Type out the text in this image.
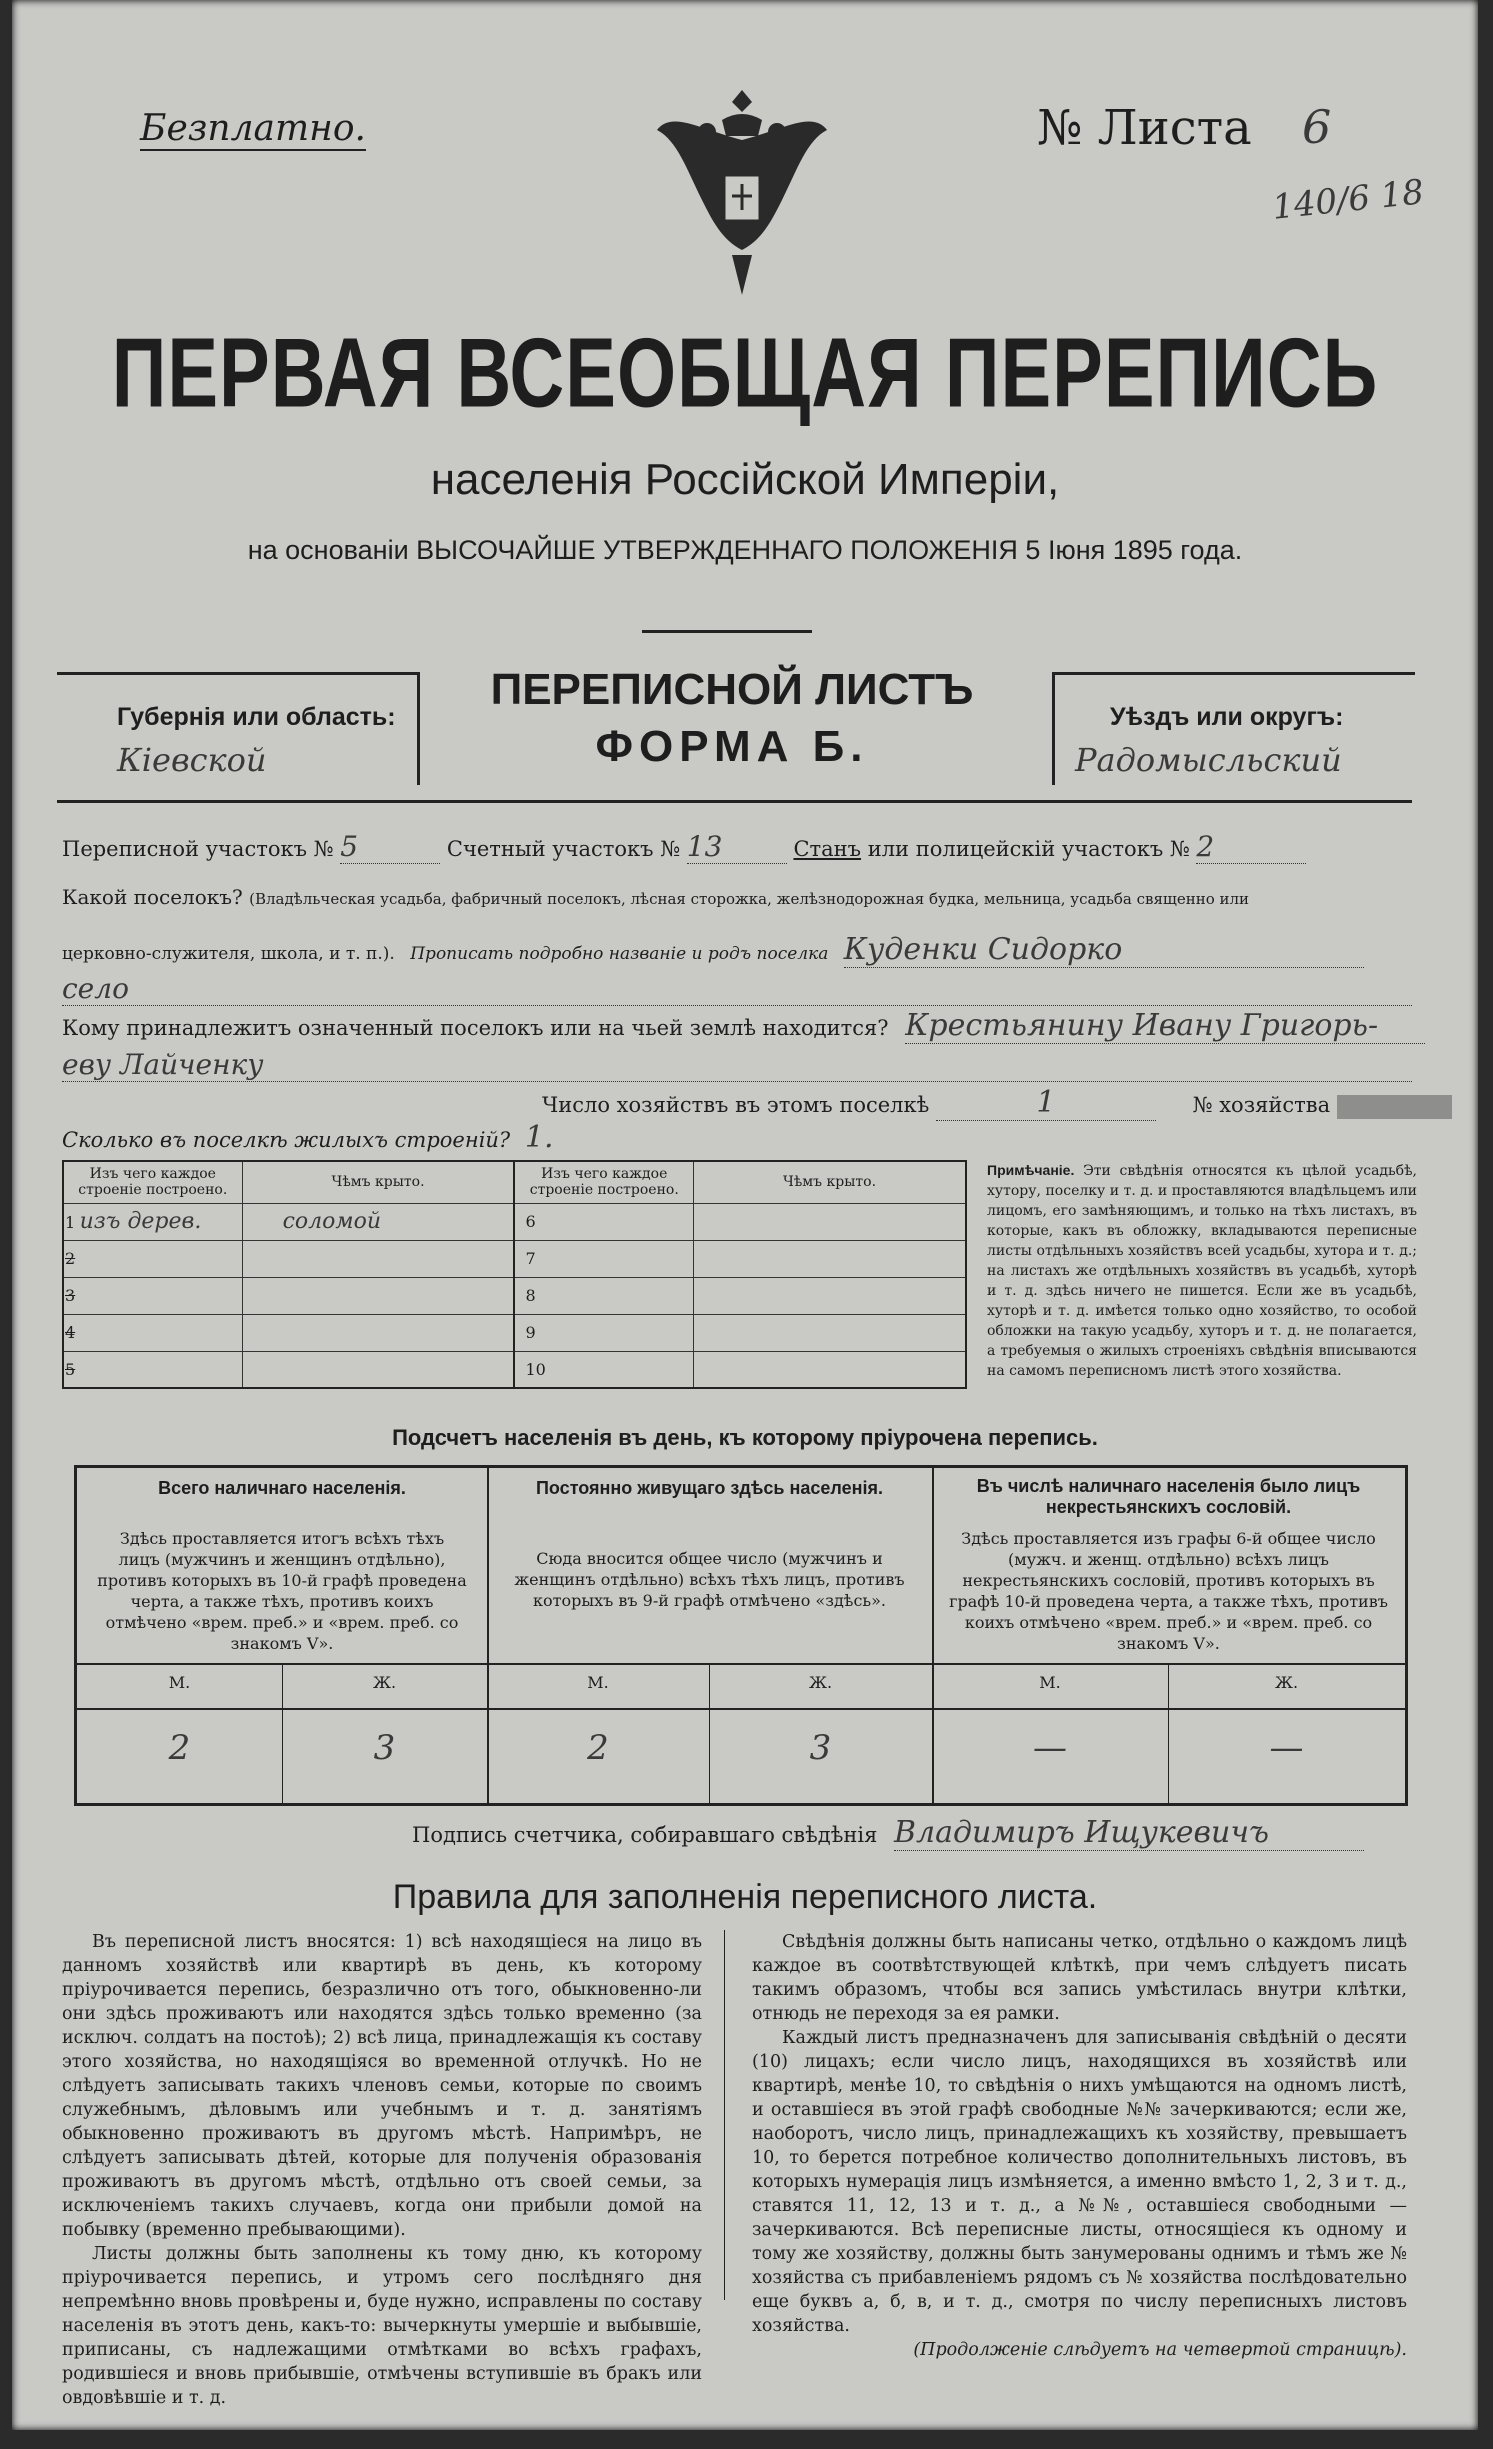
Безплатно.	№ Листа 6
140/6 18
ПЕРВАЯ ВСЕОБЩАЯ ПЕРЕПИСЬ
населенія Россійской Имперіи,
на основаніи ВЫСОЧАЙШЕ УТВЕРЖДЕННАГО ПОЛОЖЕНІЯ 5 Іюня 1895 года.
Губернія или область:
Кіевской
ПЕРЕПИСНОЙ ЛИСТЪ
ФОРМА Б.
Уѣздъ или округъ:
Радомысльский
Переписной участокъ № 5	Счетный участокъ № 13	Станъ или полицейскій участокъ № 2
Какой поселокъ? (Владѣльческая усадьба, фабричный поселокъ, лѣсная сторожка, желѣзнодорожная будка, мельница, усадьба священно или
церковно-служителя, школа, и т. п.). Прописать подробно названіе и родъ поселка Куденки Сидорко
село
Кому принадлежитъ означенный поселокъ или на чьей землѣ находится? Крестьянину Ивану Григорь-
еву Лайченку
Число хозяйствъ въ этомъ поселкѣ	1	№ хозяйства
Сколько въ поселкѣ жилыхъ строеній? 1.
Изъ чего каждое строеніе построено.	Чѣмъ крыто.	Изъ чего каждое строеніе построено.	Чѣмъ крыто.
1 изъ дерев.	соломой	6	
2		7	
3		8	
4		9	
5		10	
Примѣчаніе. Эти свѣдѣнія относятся къ цѣлой усадьбѣ, хутору, поселку и т. д. и проставляются владѣльцемъ или лицомъ, его замѣняющимъ, и только на тѣхъ листахъ, въ которые, какъ въ обложку, вкладываются переписные листы отдѣльныхъ хозяйствъ всей усадьбы, хутора и т. д.; на листахъ же отдѣльныхъ хозяйствъ въ усадьбѣ, хуторѣ и т. д. здѣсь ничего не пишется. Если же въ усадьбѣ, хуторѣ и т. д. имѣется только одно хозяйство, то особой обложки на такую усадьбу, хуторъ и т. д. не полагается, а требуемыя о жилыхъ строеніяхъ свѣдѣнія вписываются на самомъ переписномъ листѣ этого хозяйства.
Подсчетъ населенія въ день, къ которому пріурочена перепись.
Всего наличнаго населенія.
Здѣсь проставляется итогъ всѣхъ тѣхъ лицъ (мужчинъ и женщинъ отдѣльно), противъ которыхъ въ 10-й графѣ проведена черта, а также тѣхъ, противъ коихъ отмѣчено «врем. преб.» и «врем. преб. со знакомъ V».
М.	Ж.
2	3
Постоянно живущаго здѣсь населенія.
Сюда вносится общее число (мужчинъ и женщинъ отдѣльно) всѣхъ тѣхъ лицъ, противъ которыхъ въ 9-й графѣ отмѣчено «здѣсь».
М.	Ж.
2	3
Въ числѣ наличнаго населенія было лицъ некрестьянскихъ сословій.
Здѣсь проставляется изъ графы 6-й общее число (мужч. и женщ. отдѣльно) всѣхъ лицъ некрестьянскихъ сословій, противъ которыхъ въ графѣ 10-й проведена черта, а также тѣхъ, противъ коихъ отмѣчено «врем. преб.» и «врем. преб. со знакомъ V».
М.	Ж.
—	—
Подпись счетчика, собиравшаго свѣдѣнія Владимиръ Ищукевичъ
Правила для заполненія переписного листа.
Въ переписной листъ вносятся: 1) всѣ находящіеся на лицо въ данномъ хозяйствѣ или квартирѣ въ день, къ которому пріурочивается перепись, безразлично отъ того, обыкновенно-ли они здѣсь проживаютъ или находятся здѣсь только временно (за исключ. солдатъ на постоѣ); 2) всѣ лица, принадлежащія къ составу этого хозяйства, но находящіяся во временной отлучкѣ. Но не слѣдуетъ записывать такихъ членовъ семьи, которые по своимъ служебнымъ, дѣловымъ или учебнымъ и т. д. занятіямъ обыкновенно проживаютъ въ другомъ мѣстѣ. Напримѣръ, не слѣдуетъ записывать дѣтей, которые для полученія образованія проживаютъ въ другомъ мѣстѣ, отдѣльно отъ своей семьи, за исключеніемъ такихъ случаевъ, когда они прибыли домой на побывку (временно пребывающими).
Листы должны быть заполнены къ тому дню, къ которому пріурочивается перепись, и утромъ сего послѣдняго дня непремѣнно вновь провѣрены и, буде нужно, исправлены по составу населенія въ этотъ день, какъ-то: вычеркнуты умершіе и выбывшіе, приписаны, съ надлежащими отмѣтками во всѣхъ графахъ, родившіеся и вновь прибывшіе, отмѣчены вступившіе въ бракъ или овдовѣвшіе и т. д.
Свѣдѣнія должны быть написаны четко, отдѣльно о каждомъ лицѣ каждое въ соотвѣтствующей клѣткѣ, при чемъ слѣдуетъ писать такимъ образомъ, чтобы вся запись умѣстилась внутри клѣтки, отнюдь не переходя за ея рамки.
Каждый листъ предназначенъ для записыванія свѣдѣній о десяти (10) лицахъ; если число лицъ, находящихся въ хозяйствѣ или квартирѣ, менѣе 10, то свѣдѣнія о нихъ умѣщаются на одномъ листѣ, и оставшіеся въ этой графѣ свободные №№ зачеркиваются; если же, наоборотъ, число лицъ, принадлежащихъ къ хозяйству, превышаетъ 10, то берется потребное количество дополнительныхъ листовъ, въ которыхъ нумерація лицъ измѣняется, а именно вмѣсто 1, 2, 3 и т. д., ставятся 11, 12, 13 и т. д., а №№, оставшіеся свободными — зачеркиваются. Всѣ переписные листы, относящіеся къ одному и тому же хозяйству, должны быть занумерованы однимъ и тѣмъ же № хозяйства съ прибавленіемъ рядомъ съ № хозяйства послѣдовательно еще буквъ а, б, в, и т. д., смотря по числу переписныхъ листовъ хозяйства.
(Продолженіе слѣдуетъ на четвертой страницѣ).
